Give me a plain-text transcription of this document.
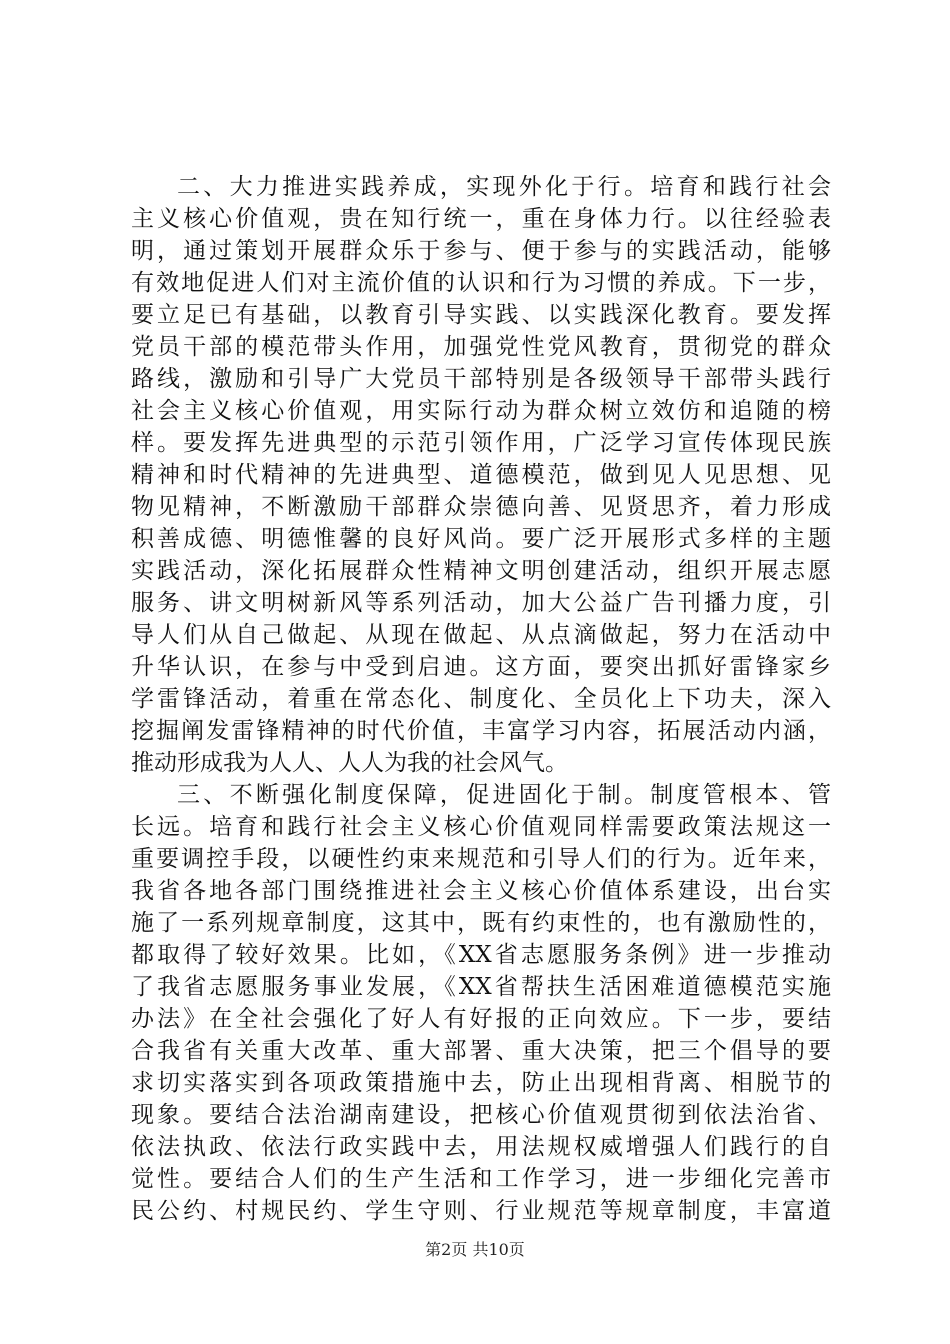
二、大力推进实践养成，实现外化于行。培育和践行社会
主义核心价值观，贵在知行统一，重在身体力行。以往经验表
明，通过策划开展群众乐于参与、便于参与的实践活动，能够
有效地促进人们对主流价值的认识和行为习惯的养成。下一步，
要立足已有基础，以教育引导实践、以实践深化教育。要发挥
党员干部的模范带头作用，加强党性党风教育，贯彻党的群众
路线，激励和引导广大党员干部特别是各级领导干部带头践行
社会主义核心价值观，用实际行动为群众树立效仿和追随的榜
样。要发挥先进典型的示范引领作用，广泛学习宣传体现民族
精神和时代精神的先进典型、道德模范，做到见人见思想、见
物见精神，不断激励干部群众崇德向善、见贤思齐，着力形成
积善成德、明德惟馨的良好风尚。要广泛开展形式多样的主题
实践活动，深化拓展群众性精神文明创建活动，组织开展志愿
服务、讲文明树新风等系列活动，加大公益广告刊播力度，引
导人们从自己做起、从现在做起、从点滴做起，努力在活动中
升华认识，在参与中受到启迪。这方面，要突出抓好雷锋家乡
学雷锋活动，着重在常态化、制度化、全员化上下功夫，深入
挖掘阐发雷锋精神的时代价值，丰富学习内容，拓展活动内涵，
推动形成我为人人、人人为我的社会风气。
三、不断强化制度保障，促进固化于制。制度管根本、管
长远。培育和践行社会主义核心价值观同样需要政策法规这一
重要调控手段，以硬性约束来规范和引导人们的行为。近年来，
我省各地各部门围绕推进社会主义核心价值体系建设，出台实
施了一系列规章制度，这其中，既有约束性的，也有激励性的，
都取得了较好效果。比如，《XX省志愿服务条例》进一步推动
了我省志愿服务事业发展，《XX省帮扶生活困难道德模范实施
办法》在全社会强化了好人有好报的正向效应。下一步，要结
合我省有关重大改革、重大部署、重大决策，把三个倡导的要
求切实落实到各项政策措施中去，防止出现相背离、相脱节的
现象。要结合法治湖南建设，把核心价值观贯彻到依法治省、
依法执政、依法行政实践中去，用法规权威增强人们践行的自
觉性。要结合人们的生产生活和工作学习，进一步细化完善市
民公约、村规民约、学生守则、行业规范等规章制度，丰富道
第2页 共10页
